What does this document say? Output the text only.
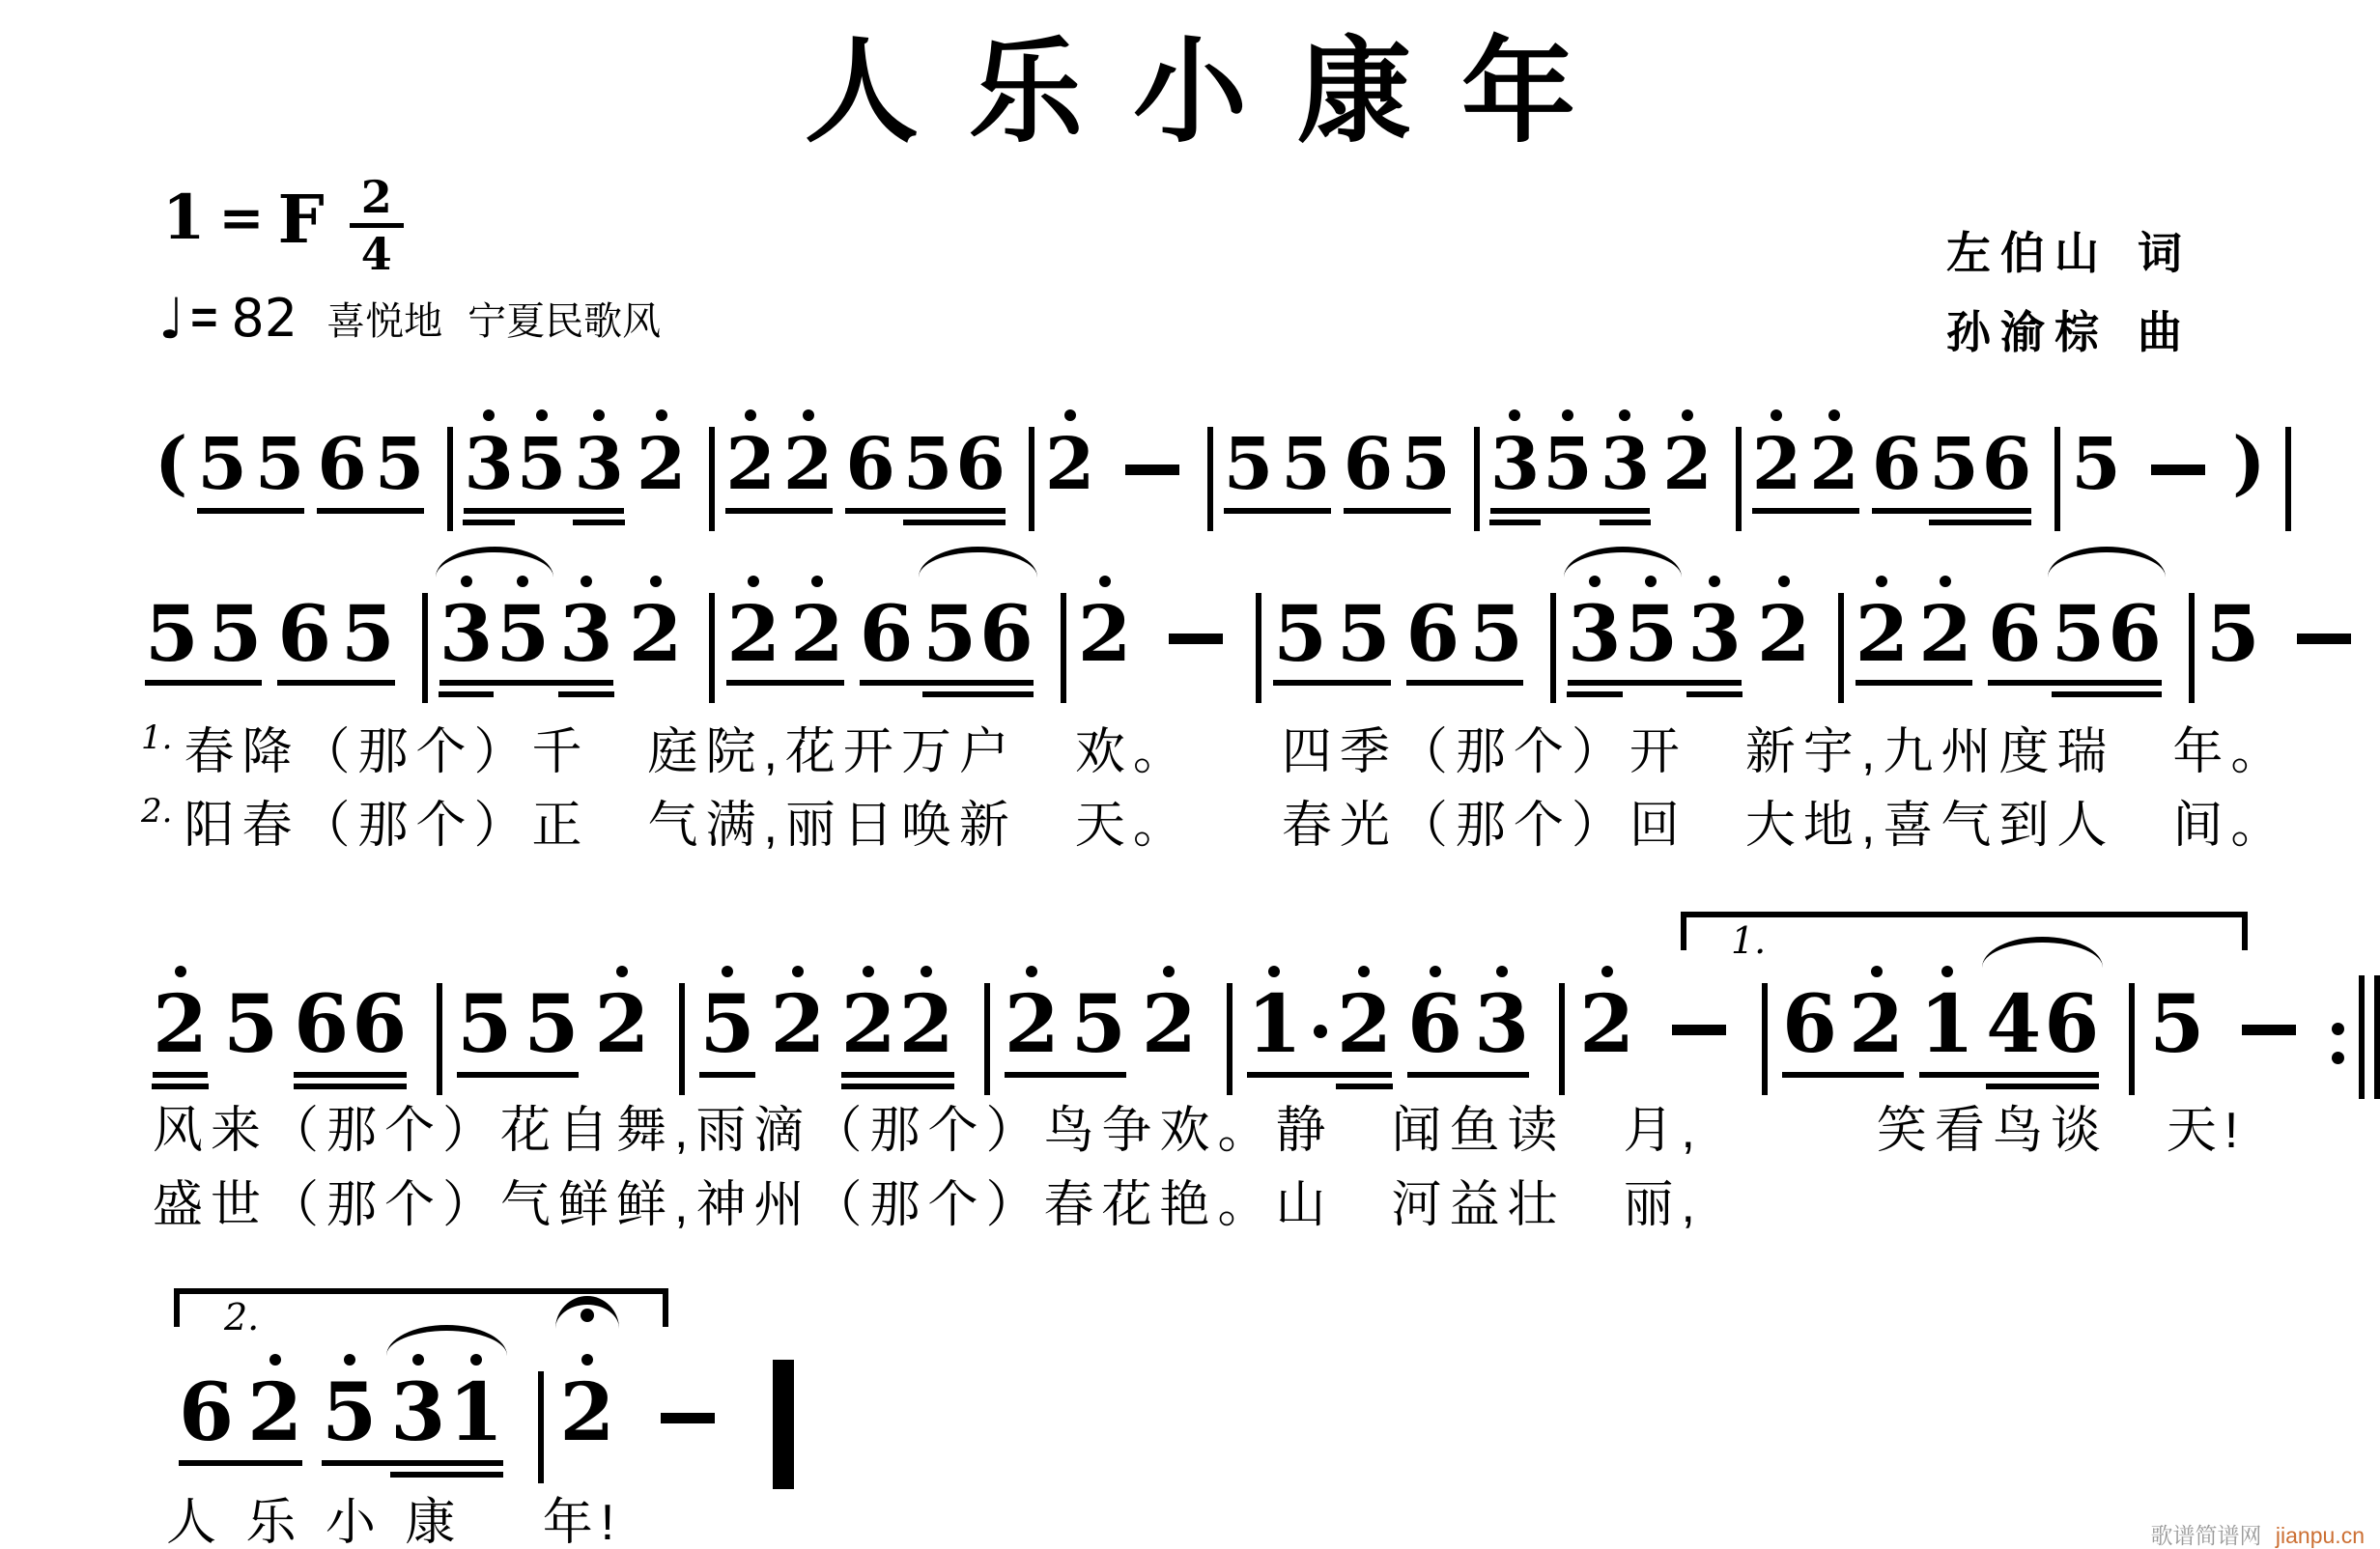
人乐小康年
1 = F 2
4
♩ = 82 喜悦地 宁夏民歌风
左伯山 词
孙渝棕 曲
( 5 5 6 5 3 5 3 2 2 2 6 5 6 2 5 5 6 5 3 5 3 2 2 2 6 5 6 5 )
5 5 6 5 3 5 3 2 2 2 6 5 6 2 5 5 6 5 3 5 3 2 2 2 6 5 6 5
1. 春降（那个）千　庭院,花开万户　欢。　　四季（那个）开　新宇,九州度瑞　年。
2. 阳春（那个）正　气满,丽日唤新　天。　　春光（那个）回　大地,喜气到人　间。
1.
2 5 6 6 5 5 2 5 2 2 2 2 5 2 1 2 6 3 2 6 2 1 4 6 5
风来（那个）花自舞,雨滴（那个）鸟争欢。静　闻鱼读　月,　　　笑看鸟谈　天!
盛世（那个）气鲜鲜,神州（那个）春花艳。山　河益壮　丽,
2.
6 2 5 3 1 2
人 乐 小 康　 年!	歌谱简谱网 jianpu.cn
